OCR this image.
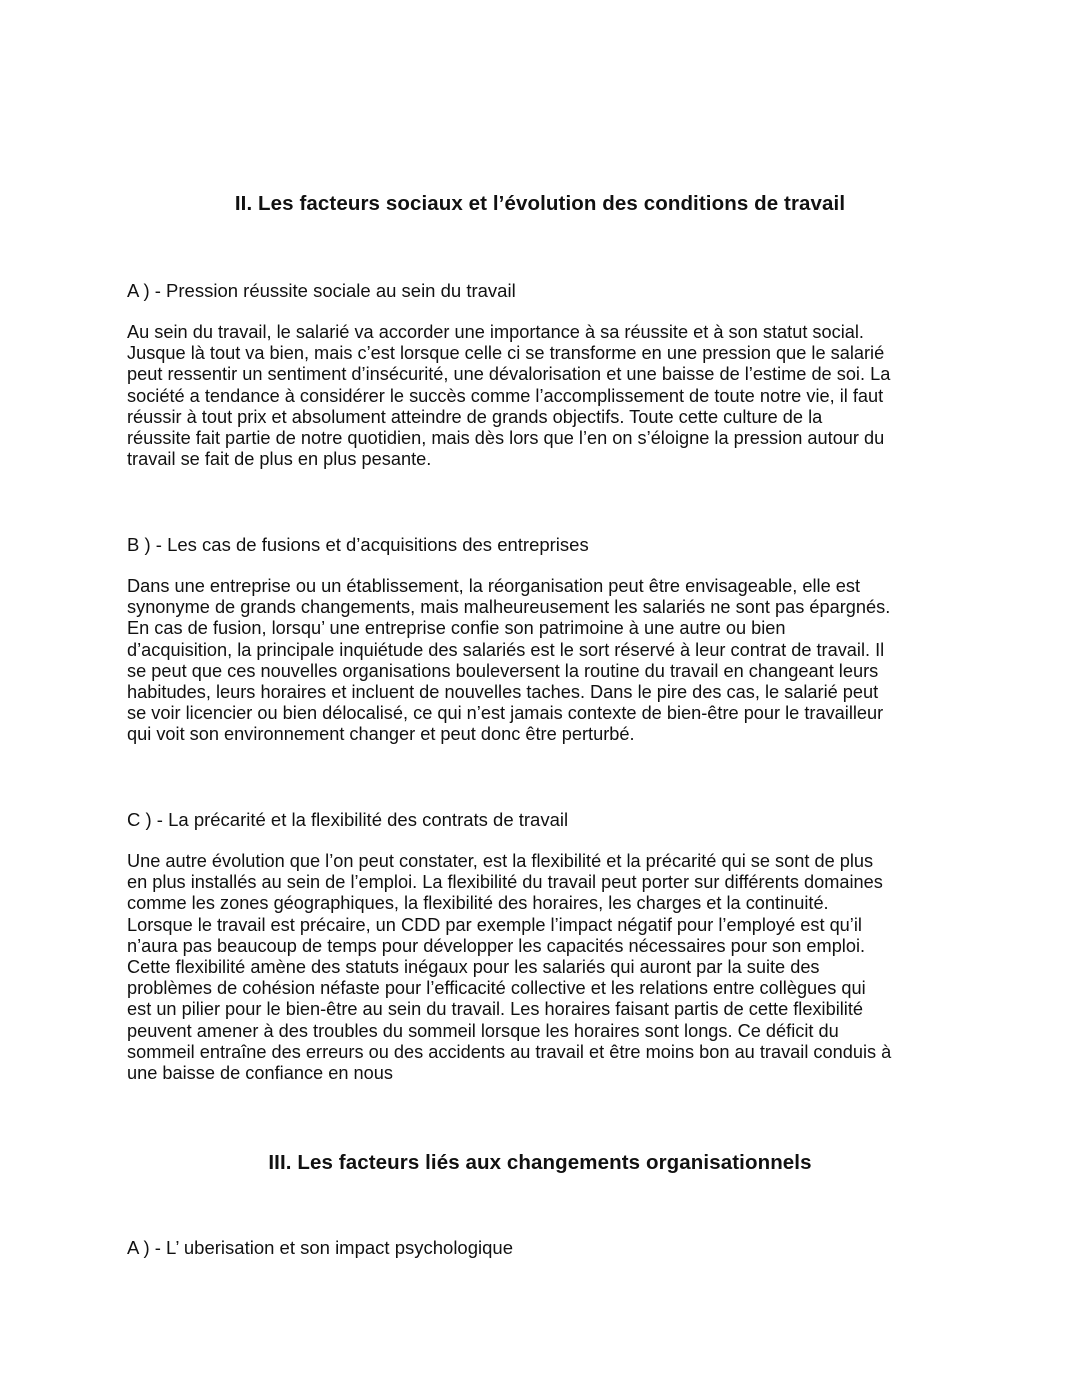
II. Les facteurs sociaux et l’évolution des conditions de travail
A ) - Pression réussite sociale au sein du travail

Au sein du travail, le salarié va accorder une importance à sa réussite et à son statut social.
Jusque là tout va bien, mais c’est lorsque celle ci se transforme en une pression que le salarié
peut ressentir un sentiment d’insécurité, une dévalorisation et une baisse de l’estime de soi. La
société a tendance à considérer le succès comme l’accomplissement de toute notre vie, il faut
réussir à tout prix et absolument atteindre de grands objectifs. Toute cette culture de la
réussite fait partie de notre quotidien, mais dès lors que l’en on s’éloigne la pression autour du
travail se fait de plus en plus pesante.

B ) - Les cas de fusions et d’acquisitions des entreprises

Dans une entreprise ou un établissement, la réorganisation peut être envisageable, elle est
synonyme de grands changements, mais malheureusement les salariés ne sont pas épargnés.
En cas de fusion, lorsqu’ une entreprise confie son patrimoine à une autre ou bien
d’acquisition, la principale inquiétude des salariés est le sort réservé à leur contrat de travail. Il
se peut que ces nouvelles organisations bouleversent la routine du travail en changeant leurs
habitudes, leurs horaires et incluent de nouvelles taches. Dans le pire des cas, le salarié peut
se voir licencier ou bien délocalisé, ce qui n’est jamais contexte de bien-être pour le travailleur
qui voit son environnement changer et peut donc être perturbé.

C ) - La précarité et la flexibilité des contrats de travail

Une autre évolution que l’on peut constater, est la flexibilité et la précarité qui se sont de plus
en plus installés au sein de l’emploi. La flexibilité du travail peut porter sur différents domaines
comme les zones géographiques, la flexibilité des horaires, les charges et la continuité.
Lorsque le travail est précaire, un CDD par exemple l’impact négatif pour l’employé est qu’il
n’aura pas beaucoup de temps pour développer les capacités nécessaires pour son emploi.
Cette flexibilité amène des statuts inégaux pour les salariés qui auront par la suite des
problèmes de cohésion néfaste pour l’efficacité collective et les relations entre collègues qui
est un pilier pour le bien-être au sein du travail. Les horaires faisant partis de cette flexibilité
peuvent amener à des troubles du sommeil lorsque les horaires sont longs. Ce déficit du
sommeil entraîne des erreurs ou des accidents au travail et être moins bon au travail conduis à
une baisse de confiance en nous

III. Les facteurs liés aux changements organisationnels
A ) - L’ uberisation et son impact psychologique
